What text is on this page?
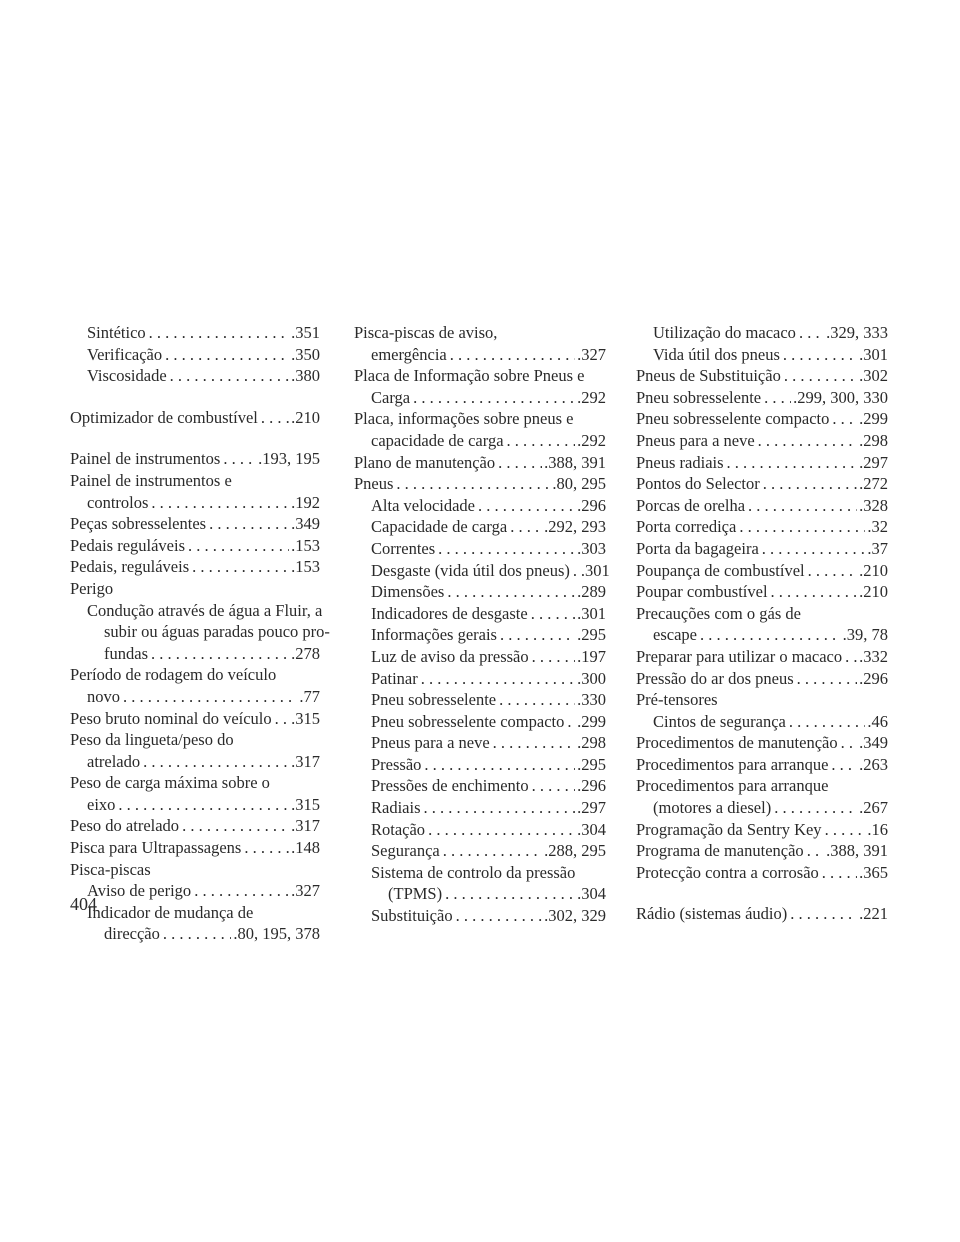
Sintético . . .	.351
Verificação . . .	.350
Viscosidade . . .	.380
Optimizador de combustível . . . .210
Painel de instrumentos . . . .193, 195
Painel de instrumentos e
controlos . . .	.192
Peças sobresselentes . . .	.349
Pedais reguláveis . . .	.153
Pedais, reguláveis . . .	.153
Perigo
Condução através de água a Fluir, a
subir ou águas paradas pouco pro-
fundas . . .	.278
Período de rodagem do veículo
novo . . .	.77
Peso bruto nominal do veículo . . . .315
Peso da lingueta/peso do
atrelado . . .	.317
Peso de carga máxima sobre o
eixo . . .	.315
Peso do atrelado . . .	.317
Pisca para Ultrapassagens . . .	.148
Pisca-piscas
Aviso de perigo . . .	.327
Indicador de mudança de
direcção . . .	.80, 195, 378
Pisca-piscas de aviso,
emergência . . .	.327
Placa de Informação sobre Pneus e
Carga . . .	.292
Placa, informações sobre pneus e
capacidade de carga . . .	.292
Plano de manutenção . . .	.388, 391
Pneus . . .	.80, 295
Alta velocidade . . .	.296
Capacidade de carga . . . .292, 293
Correntes . . .	.303
Desgaste (vida útil dos pneus) . . . .301
Dimensões . . .	.289
Indicadores de desgaste . . .	.301
Informações gerais . . .	.295
Luz de aviso da pressão . . .	.197
Patinar . . .	.300
Pneu sobresselente . . .	.330
Pneu sobresselente compacto . . . .299
Pneus para a neve . . .	.298
Pressão . . .	.295
Pressões de enchimento . . .	.296
Radiais . . .	.297
Rotação . . .	.304
Segurança . . .	.288, 295
Sistema de controlo da pressão
(TPMS) . . .	.304
Substituição . . .	.302, 329
Utilização do macaco . . . .329, 333
Vida útil dos pneus . . .	.301
Pneus de Substituição . . .	.302
Pneu sobresselente . . . .299, 300, 330
Pneu sobresselente compacto . . . .299
Pneus para a neve . . .	.298
Pneus radiais . . .	.297
Pontos do Selector . . .	.272
Porcas de orelha . . .	.328
Porta corrediça . . .	.32
Porta da bagageira . . .	.37
Poupança de combustível . . .	.210
Poupar combustível . . .	.210
Precauções com o gás de
escape . . .	.39, 78
Preparar para utilizar o macaco . . . .332
Pressão do ar dos pneus . . .	.296
Pré-tensores
Cintos de segurança . . .	.46
Procedimentos de manutenção . . . .349
Procedimentos para arranque . . . .263
Procedimentos para arranque
(motores a diesel) . . .	.267
Programação da Sentry Key . . .	.16
Programa de manutenção . . . .388, 391
Protecção contra a corrosão . . . .365
Rádio (sistemas áudio) . . .	.221
404
